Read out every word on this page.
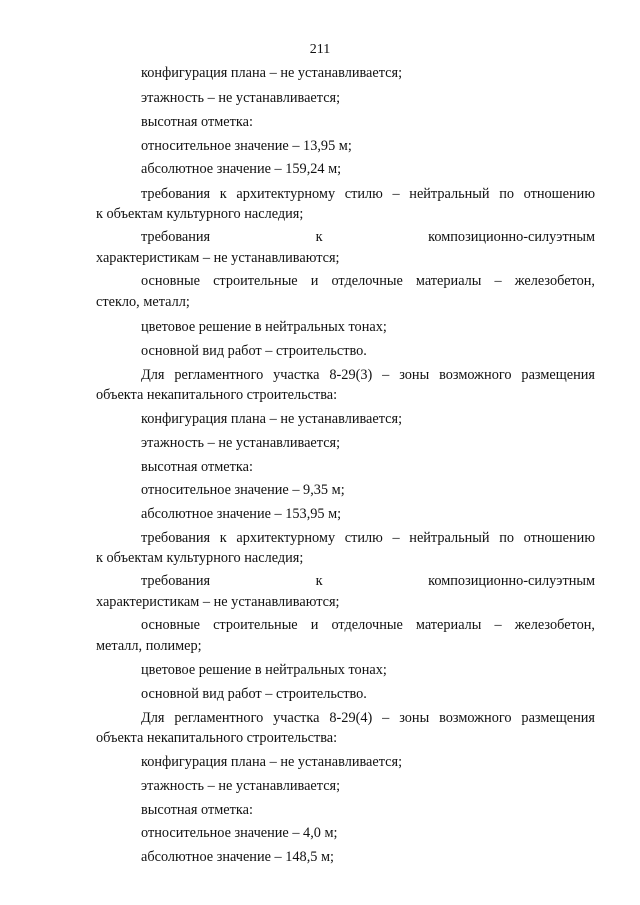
211
конфигурация плана – не устанавливается;
этажность – не устанавливается;
высотная отметка:
относительное значение – 13,95 м;
абсолютное значение – 159,24 м;
требования к архитектурному стилю – нейтральный по отношению
к объектам культурного наследия;
требования к композиционно-силуэтным
характеристикам – не устанавливаются;
основные строительные и отделочные материалы – железобетон,
стекло, металл;
цветовое решение в нейтральных тонах;
основной вид работ – строительство.
Для регламентного участка 8-29(3) – зоны возможного размещения
объекта некапитального строительства:
конфигурация плана – не устанавливается;
этажность – не устанавливается;
высотная отметка:
относительное значение – 9,35 м;
абсолютное значение – 153,95 м;
требования к архитектурному стилю – нейтральный по отношению
к объектам культурного наследия;
требования к композиционно-силуэтным
характеристикам – не устанавливаются;
основные строительные и отделочные материалы – железобетон,
металл, полимер;
цветовое решение в нейтральных тонах;
основной вид работ – строительство.
Для регламентного участка 8-29(4) – зоны возможного размещения
объекта некапитального строительства:
конфигурация плана – не устанавливается;
этажность – не устанавливается;
высотная отметка:
относительное значение – 4,0 м;
абсолютное значение – 148,5 м;
